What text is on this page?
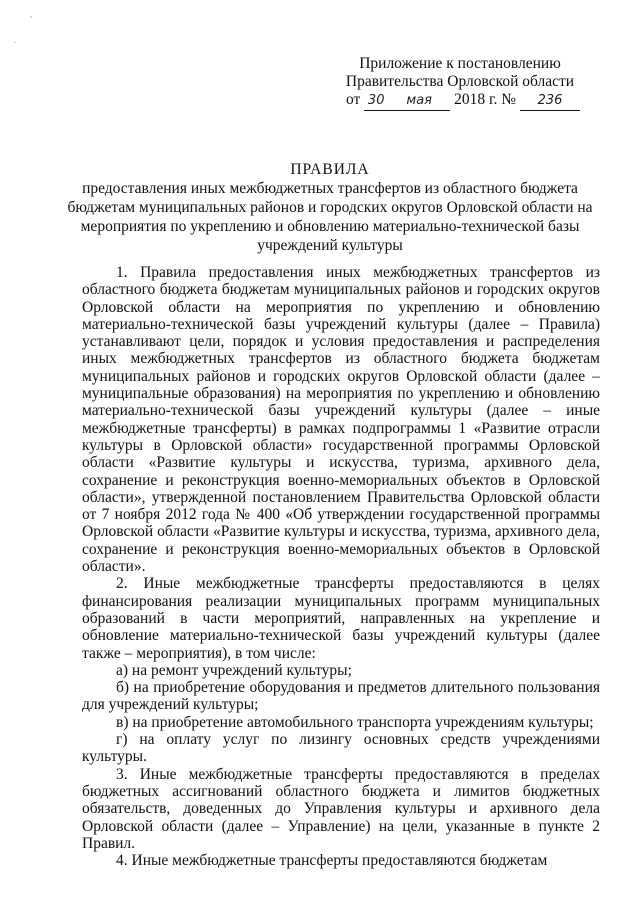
,
.
Приложение к постановлению
Правительства Орловской области
от 30 мая 2018 г. № 236
ПРАВИЛА
предоставления иных межбюджетных трансфертов из областного бюджета бюджетам муниципальных районов и городских округов Орловской области на мероприятия по укреплению и обновлению материально-технической базы учреждений культуры

1. Правила предоставления иных межбюджетных трансфертов из областного бюджета бюджетам муниципальных районов и городских округов Орловской области на мероприятия по укреплению и обновлению материально-технической базы учреждений культуры (далее – Правила) устанавливают цели, порядок и условия предоставления и распределения иных межбюджетных трансфертов из областного бюджета бюджетам муниципальных районов и городских округов Орловской области (далее – муниципальные образования) на мероприятия по укреплению и обновлению материально-технической базы учреждений культуры (далее – иные межбюджетные трансферты) в рамках подпрограммы 1 «Развитие отрасли культуры в Орловской области» государственной программы Орловской области «Развитие культуры и искусства, туризма, архивного дела, сохранение и реконструкция военно-мемориальных объектов в Орловской области», утвержденной постановлением Правительства Орловской области от 7 ноября 2012 года № 400 «Об утверждении государственной программы Орловской области «Развитие культуры и искусства, туризма, архивного дела, сохранение и реконструкция военно-мемориальных объектов в Орловской области».

2. Иные межбюджетные трансферты предоставляются в целях финансирования реализации муниципальных программ муниципальных образований в части мероприятий, направленных на укрепление и обновление материально-технической базы учреждений культуры (далее также – мероприятия), в том числе:

а) на ремонт учреждений культуры;

б) на приобретение оборудования и предметов длительного пользования для учреждений культуры;

в) на приобретение автомобильного транспорта учреждениям культуры;

г) на оплату услуг по лизингу основных средств учреждениями культуры.

3. Иные межбюджетные трансферты предоставляются в пределах бюджетных ассигнований областного бюджета и лимитов бюджетных обязательств, доведенных до Управления культуры и архивного дела Орловской области (далее – Управление) на цели, указанные в пункте 2 Правил.

4. Иные межбюджетные трансферты предоставляются бюджетам
